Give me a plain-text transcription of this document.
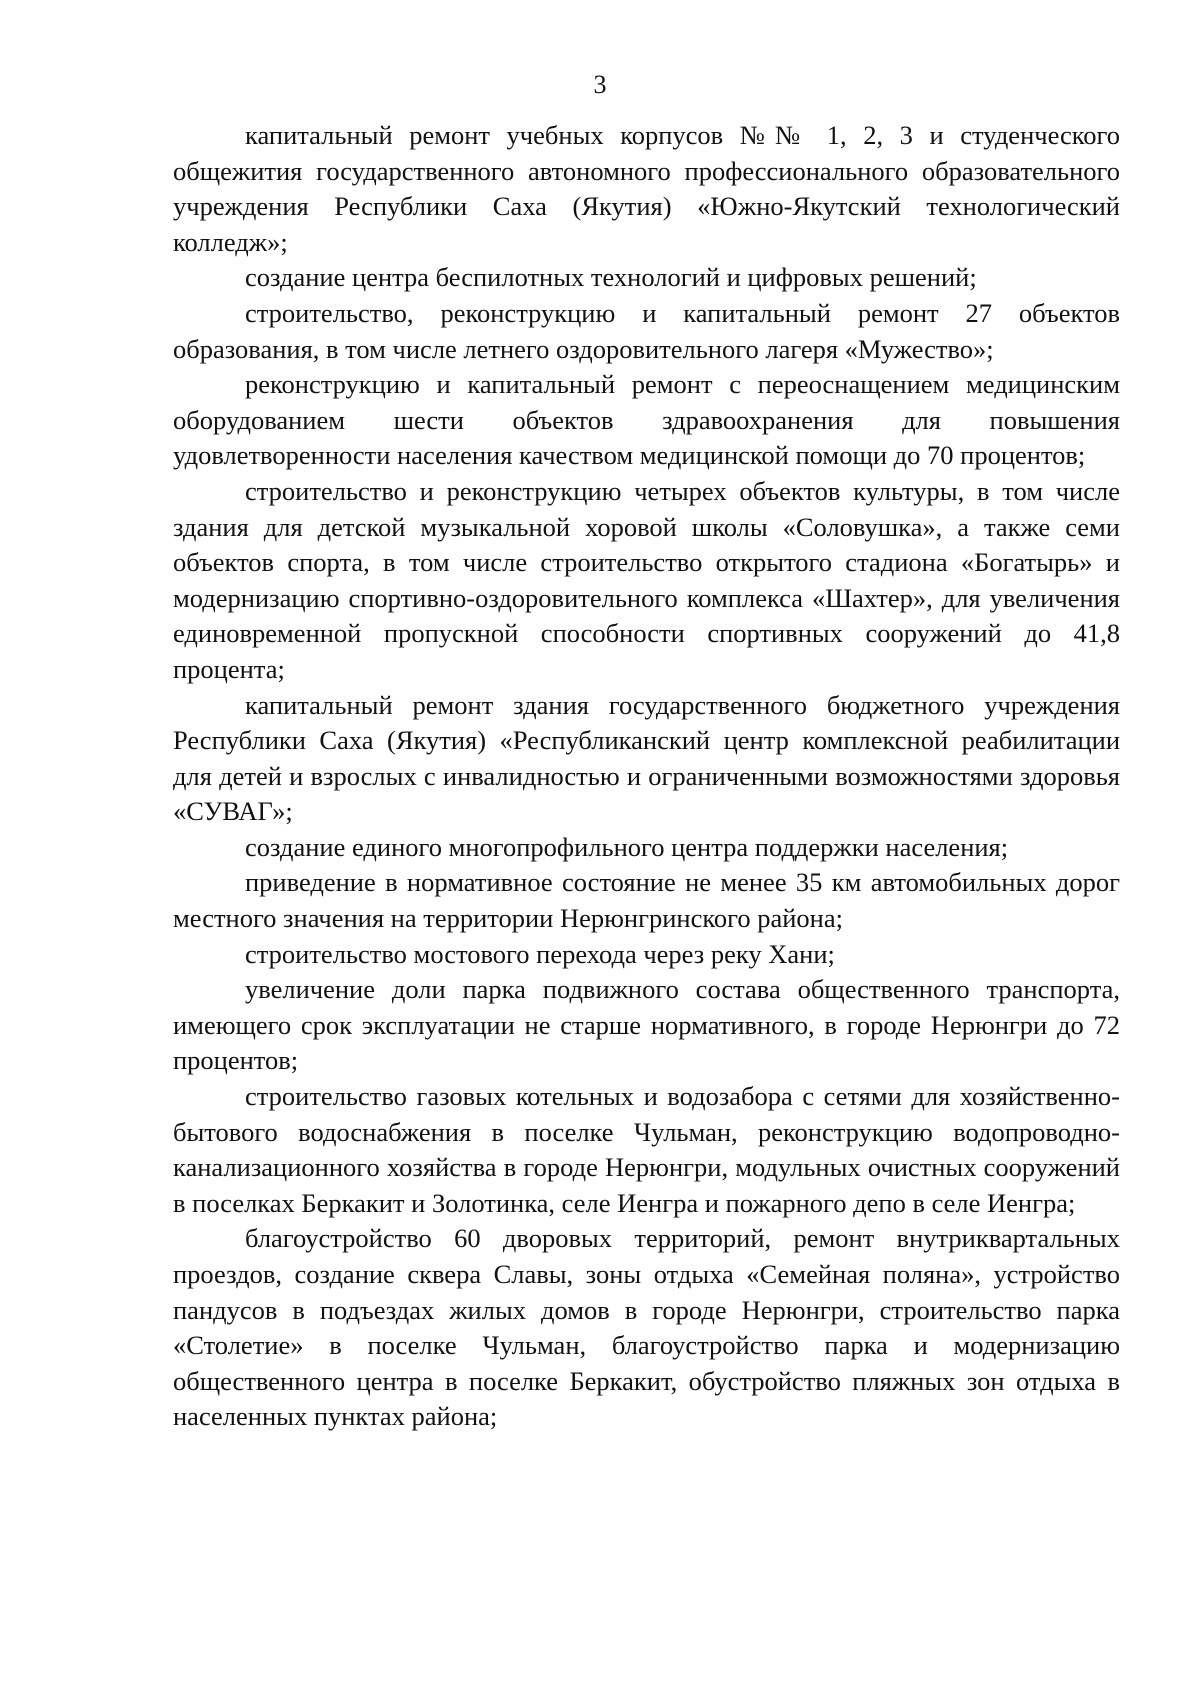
3

капитальный ремонт учебных корпусов №№ 1, 2, 3 и студенческого общежития государственного автономного профессионального образовательного учреждения Республики Саха (Якутия) «Южно-Якутский технологический колледж»;

создание центра беспилотных технологий и цифровых решений;

строительство, реконструкцию и капитальный ремонт 27 объектов образования, в том числе летнего оздоровительного лагеря «Мужество»;

реконструкцию и капитальный ремонт с переоснащением медицинским оборудованием шести объектов здравоохранения для повышения удовлетворенности населения качеством медицинской помощи до 70 процентов;

строительство и реконструкцию четырех объектов культуры, в том числе здания для детской музыкальной хоровой школы «Соловушка», а также семи объектов спорта, в том числе строительство открытого стадиона «Богатырь» и модернизацию спортивно-оздоровительного комплекса «Шахтер», для увеличения единовременной пропускной способности спортивных сооружений до 41,8 процента;

капитальный ремонт здания государственного бюджетного учреждения Республики Саха (Якутия) «Республиканский центр комплексной реабилитации для детей и взрослых с инвалидностью и ограниченными возможностями здоровья «СУВАГ»;

создание единого многопрофильного центра поддержки населения;

приведение в нормативное состояние не менее 35 км автомобильных дорог местного значения на территории Нерюнгринского района;

строительство мостового перехода через реку Хани;

увеличение доли парка подвижного состава общественного транспорта, имеющего срок эксплуатации не старше нормативного, в городе Нерюнгри до 72 процентов;

строительство газовых котельных и водозабора с сетями для хозяйственно-бытового водоснабжения в поселке Чульман, реконструкцию водопроводно-канализационного хозяйства в городе Нерюнгри, модульных очистных сооружений в поселках Беркакит и Золотинка, селе Иенгра и пожарного депо в селе Иенгра;

благоустройство 60 дворовых территорий, ремонт внутриквартальных проездов, создание сквера Славы, зоны отдыха «Семейная поляна», устройство пандусов в подъездах жилых домов в городе Нерюнгри, строительство парка «Столетие» в поселке Чульман, благоустройство парка и модернизацию общественного центра в поселке Беркакит, обустройство пляжных зон отдыха в населенных пунктах района;
